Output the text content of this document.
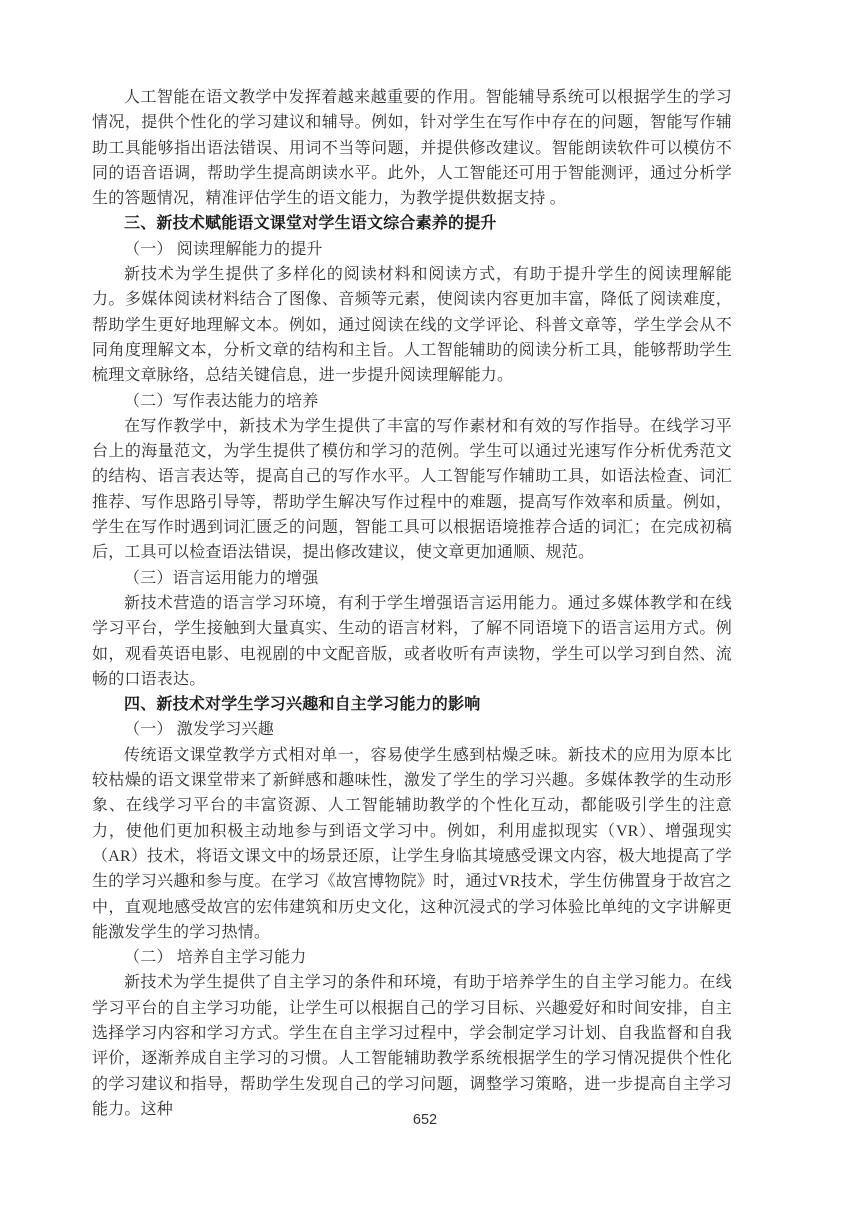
人工智能在语文教学中发挥着越来越重要的作用。智能辅导系统可以根据学生的学习情况，提供个性化的学习建议和辅导。例如，针对学生在写作中存在的问题，智能写作辅助工具能够指出语法错误、用词不当等问题，并提供修改建议。智能朗读软件可以模仿不同的语音语调，帮助学生提高朗读水平。此外，人工智能还可用于智能测评，通过分析学生的答题情况，精准评估学生的语文能力，为教学提供数据支持 。

三、新技术赋能语文课堂对学生语文综合素养的提升

（一） 阅读理解能力的提升

新技术为学生提供了多样化的阅读材料和阅读方式，有助于提升学生的阅读理解能力。多媒体阅读材料结合了图像、音频等元素，使阅读内容更加丰富，降低了阅读难度，帮助学生更好地理解文本。例如，通过阅读在线的文学评论、科普文章等，学生学会从不同角度理解文本，分析文章的结构和主旨。人工智能辅助的阅读分析工具，能够帮助学生梳理文章脉络，总结关键信息，进一步提升阅读理解能力。

（二）写作表达能力的培养

在写作教学中，新技术为学生提供了丰富的写作素材和有效的写作指导。在线学习平台上的海量范文，为学生提供了模仿和学习的范例。学生可以通过光速写作分析优秀范文的结构、语言表达等，提高自己的写作水平。人工智能写作辅助工具，如语法检查、词汇推荐、写作思路引导等，帮助学生解决写作过程中的难题，提高写作效率和质量。例如，学生在写作时遇到词汇匮乏的问题，智能工具可以根据语境推荐合适的词汇；在完成初稿后，工具可以检查语法错误，提出修改建议，使文章更加通顺、规范。

（三）语言运用能力的增强

新技术营造的语言学习环境，有利于学生增强语言运用能力。通过多媒体教学和在线学习平台，学生接触到大量真实、生动的语言材料，了解不同语境下的语言运用方式。例如，观看英语电影、电视剧的中文配音版，或者收听有声读物，学生可以学习到自然、流畅的口语表达。

四、新技术对学生学习兴趣和自主学习能力的影响

（一） 激发学习兴趣

传统语文课堂教学方式相对单一，容易使学生感到枯燥乏味。新技术的应用为原本比较枯燥的语文课堂带来了新鲜感和趣味性，激发了学生的学习兴趣。多媒体教学的生动形象、在线学习平台的丰富资源、人工智能辅助教学的个性化互动，都能吸引学生的注意力，使他们更加积极主动地参与到语文学习中。例如，利用虚拟现实（VR）、增强现实（AR）技术，将语文课文中的场景还原，让学生身临其境感受课文内容，极大地提高了学生的学习兴趣和参与度。在学习《故宫博物院》时，通过VR技术，学生仿佛置身于故宫之中，直观地感受故宫的宏伟建筑和历史文化，这种沉浸式的学习体验比单纯的文字讲解更能激发学生的学习热情。

（二） 培养自主学习能力

新技术为学生提供了自主学习的条件和环境，有助于培养学生的自主学习能力。在线学习平台的自主学习功能，让学生可以根据自己的学习目标、兴趣爱好和时间安排，自主选择学习内容和学习方式。学生在自主学习过程中，学会制定学习计划、自我监督和自我评价，逐渐养成自主学习的习惯。人工智能辅助教学系统根据学生的学习情况提供个性化的学习建议和指导，帮助学生发现自己的学习问题，调整学习策略，进一步提高自主学习能力。这种

652
